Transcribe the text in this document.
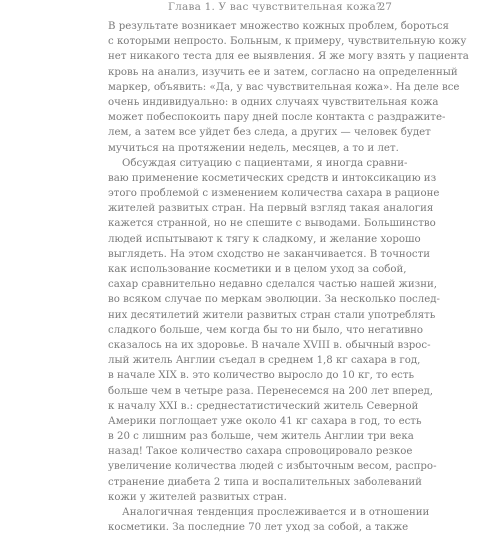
Глава 1. У вас чувствительная кожа?
27
В результате возникает множество кожных проблем, бороться
с которыми непросто. Больным, к примеру, чувствительную кожу
нет никакого теста для ее выявления. Я же могу взять у пациента
кровь на анализ, изучить ее и затем, согласно на определенный
маркер, объявить: «Да, у вас чувствительная кожа». На деле все
очень индивидуально: в одних случаях чувствительная кожа
может побеспокоить пару дней после контакта с раздражите-
лем, а затем все уйдет без следа, а других — человек будет
мучиться на протяжении недель, месяцев, а то и лет.
Обсуждая ситуацию с пациентами, я иногда сравни-
ваю применение косметических средств и интоксикацию из
этого проблемой с изменением количества сахара в рационе
жителей развитых стран. На первый взгляд такая аналогия
кажется странной, но не спешите с выводами. Большинство
людей испытывают к тягу к сладкому, и желание хорошо
выглядеть. На этом сходство не заканчивается. В точности
как использование косметики и в целом уход за собой,
сахар сравнительно недавно сделался частью нашей жизни,
во всяком случае по меркам эволюции. За несколько послед-
них десятилетий жители развитых стран стали употреблять
сладкого больше, чем когда бы то ни было, что негативно
сказалось на их здоровье. В начале XVIII в. обычный взрос-
лый житель Англии съедал в среднем 1,8 кг сахара в год,
в начале XIX в. это количество выросло до 10 кг, то есть
больше чем в четыре раза. Перенесемся на 200 лет вперед,
к началу XXI в.: среднестатистический житель Северной
Америки поглощает уже около 41 кг сахара в год, то есть
в 20 с лишним раз больше, чем житель Англии три века
назад! Такое количество сахара спровоцировало резкое
увеличение количества людей с избыточным весом, распро-
странение диабета 2 типа и воспалительных заболеваний
кожи у жителей развитых стран.
Аналогичная тенденция прослеживается и в отношении
косметики. За последние 70 лет уход за собой, а также
